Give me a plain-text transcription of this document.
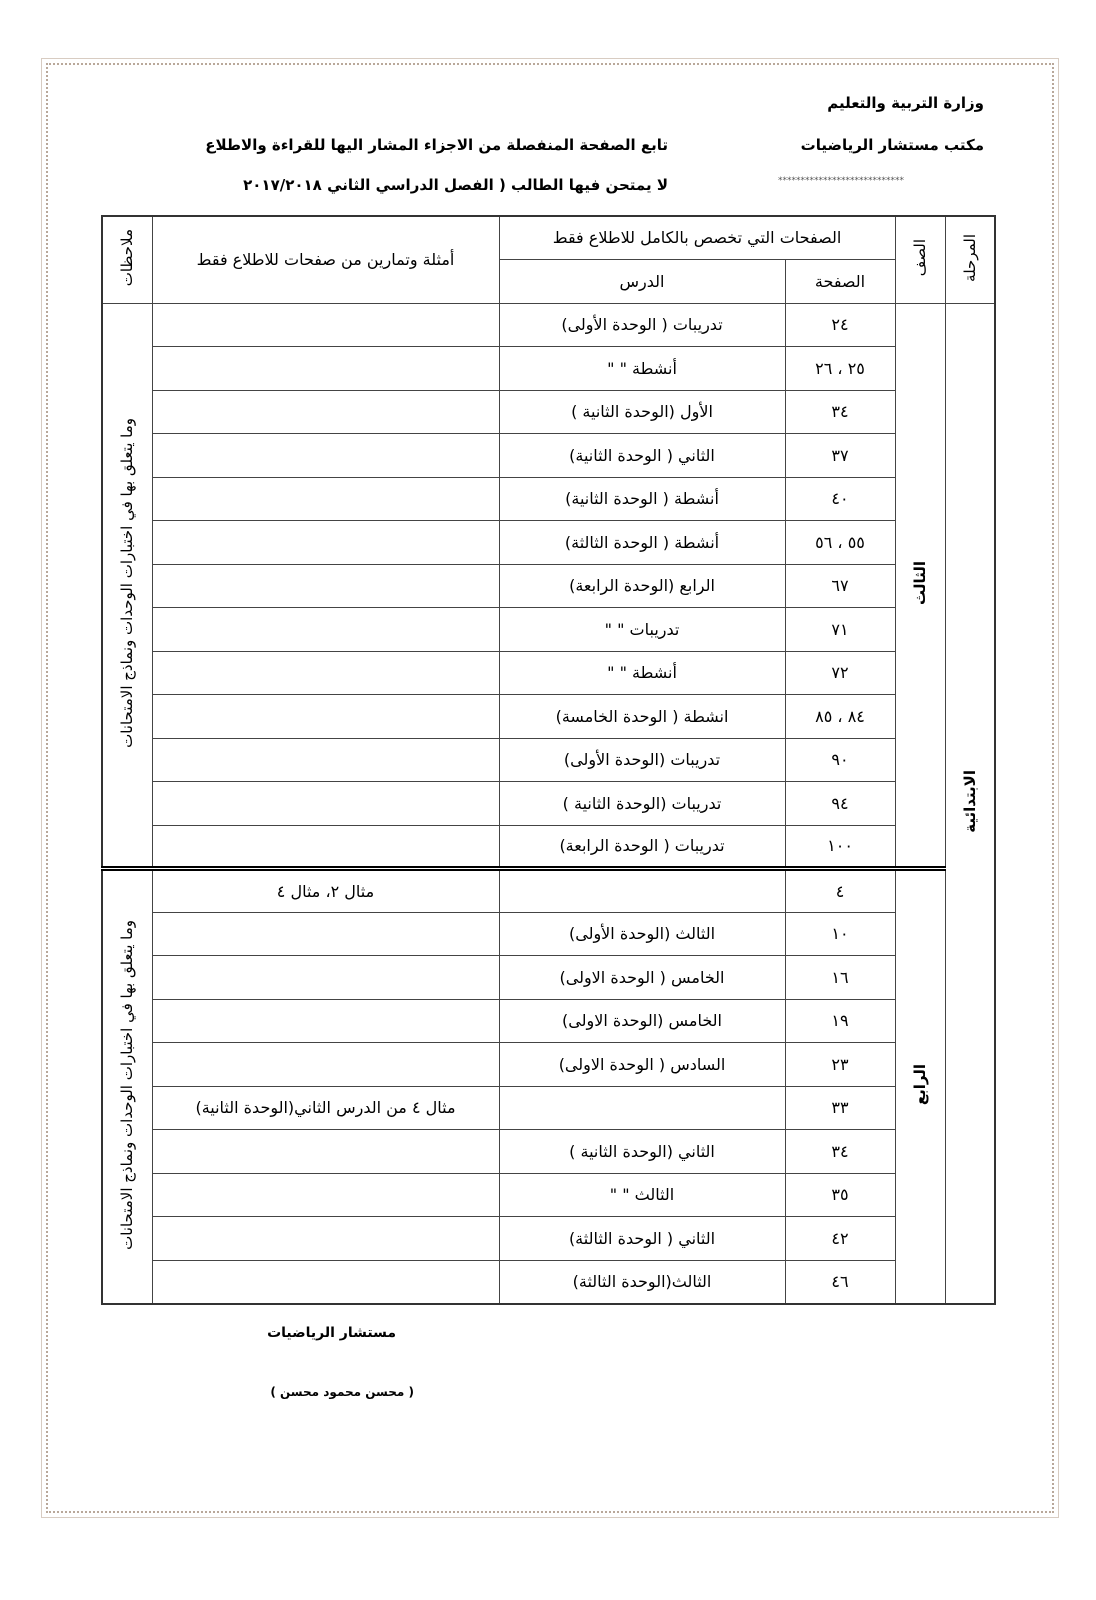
وزارة التربية والتعليم
مكتب مستشار الرياضيات
****************************
تابع الصفحة المنفصلة من الاجزاء المشار اليها للقراءة والاطلاع
لا يمتحن فيها الطالب ( الفصل الدراسي الثاني ٢٠١٧/٢٠١٨
المرحلة	الصف	الصفحات التي تخصص بالكامل للاطلاع فقط		أمثلة وتمارين من صفحات للاطلاع فقط	ملاحظات
		الصفحة	الدرس		
الابتدائية	الثالث	٢٤	تدريبات ( الوحدة الأولى)		وما يتعلق بها في اختبارات الوحدات ونماذج الامتحانات
		٢٥ ، ٢٦	أنشطة " "		
		٣٤	الأول (الوحدة الثانية )		
		٣٧	الثاني ( الوحدة الثانية)		
		٤٠	أنشطة ( الوحدة الثانية)		
		٥٥ ، ٥٦	أنشطة ( الوحدة الثالثة)		
		٦٧	الرابع (الوحدة الرابعة)		
		٧١	تدريبات " "		
		٧٢	أنشطة " "		
		٨٤ ، ٨٥	انشطة ( الوحدة الخامسة)		
		٩٠	تدريبات (الوحدة الأولى)		
		٩٤	تدريبات (الوحدة الثانية )		
		١٠٠	تدريبات ( الوحدة الرابعة)		
	الرابع	٤		مثال ٢، مثال ٤	وما يتعلق بها في اختبارات الوحدات ونماذج الامتحانات
		١٠	الثالث (الوحدة الأولى)		
		١٦	الخامس ( الوحدة الاولى)		
		١٩	الخامس (الوحدة الاولى)		
		٢٣	السادس ( الوحدة الاولى)		
		٣٣		مثال ٤ من الدرس الثاني(الوحدة الثانية)	
		٣٤	الثاني (الوحدة الثانية )		
		٣٥	الثالث " "		
		٤٢	الثاني ( الوحدة الثالثة)		
		٤٦	الثالث(الوحدة الثالثة)		
مستشار الرياضيات
( محسن محمود محسن )
